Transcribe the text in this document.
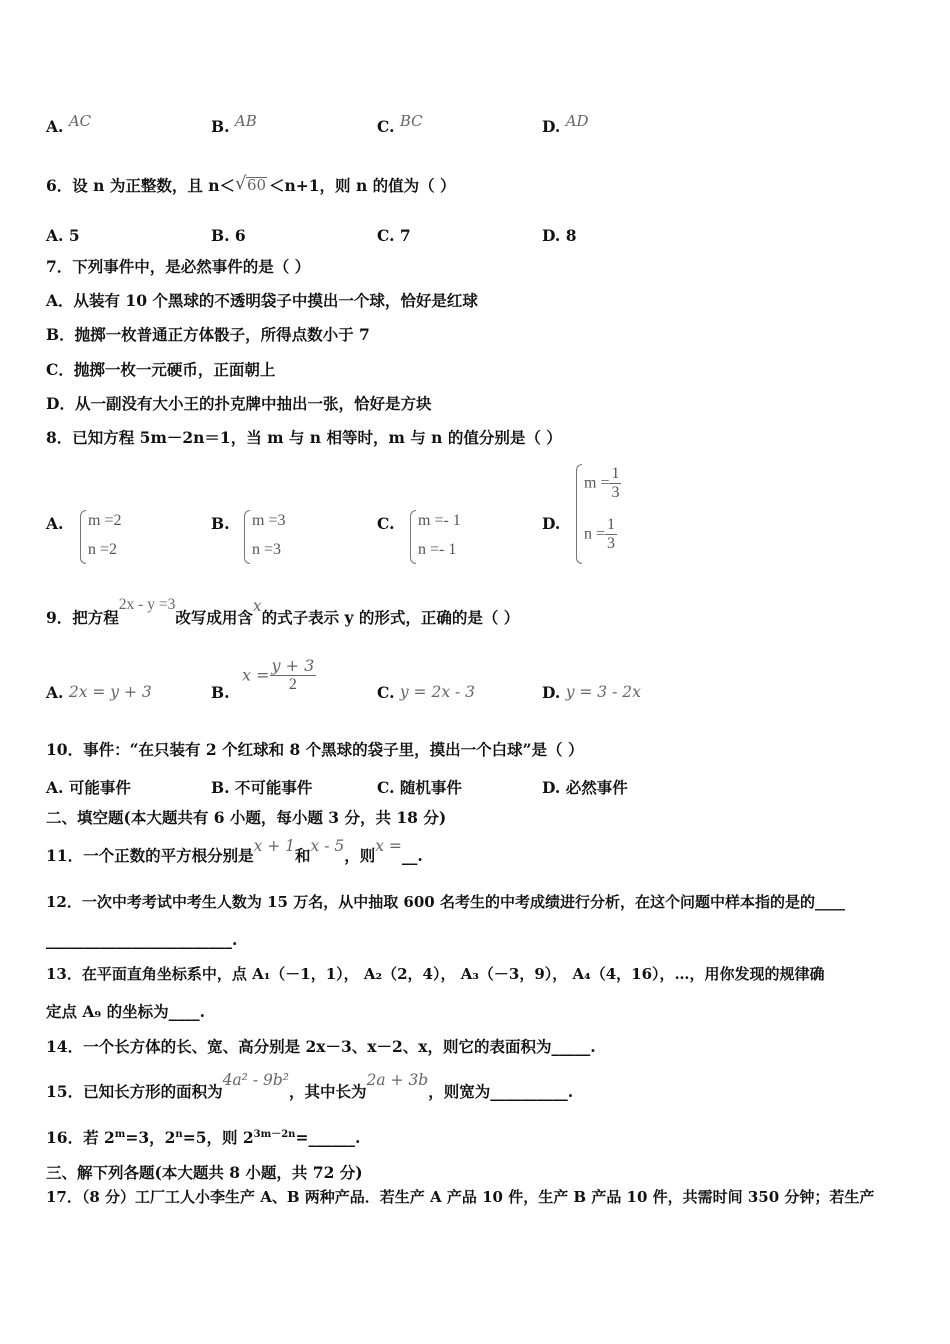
A. AC	B. AB	C. BC	D. AD
6．设 n 为正整数，且 n＜ √ 60 ＜n+1，则 n 的值为（ ）
A. 5	B. 6	C. 7	D. 8
7．下列事件中，是必然事件的是（ ）
A．从装有 10 个黑球的不透明袋子中摸出一个球，恰好是红球
B．抛掷一枚普通正方体骰子，所得点数小于 7
C．抛掷一枚一元硬币，正面朝上
D．从一副没有大小王的扑克牌中抽出一张，恰好是方块
8．已知方程 5m－2n＝1，当 m 与 n 相等时，m 与 n 的值分别是（ ）
A. m =2
n =2
B. m =3
n =3
C. m =- 1
n =- 1
D.
$m = \frac{1}{3}$
$n = \frac{1}{3}$
9．把方程2x - y =3改写成用含x的式子表示 y 的形式，正确的是（ ）
A. 2x = y + 3	B.
$x = \frac{y + 3}{2}$	C. y = 2x - 3	D. y = 3 - 2x
10．事件：“在只装有 2 个红球和 8 个黑球的袋子里，摸出一个白球”是（ ）
A. 可能事件	B. 不可能事件	C. 随机事件	D. 必然事件
二、填空题(本大题共有 6 小题，每小题 3 分，共 18 分)
11．一个正数的平方根分别是x + 1和x - 5，则x =__.
12．一次中考考试中考生人数为 15 万名，从中抽取 600 名考生的中考成绩进行分析，在这个问题中样本指的是的____
________________________.
13．在平面直角坐标系中，点 A₁（－1，1）， A₂（2，4）， A₃（－3，9）， A₄（4，16），…，用你发现的规律确
定点 A₉ 的坐标为____.
14．一个长方体的长、宽、高分别是 2x－3、x－2、x，则它的表面积为_____.
15．已知长方形的面积为4a² - 9b²，其中长为2a + 3b，则宽为__________.
16．若 $2^m=3$，$2^n=5$，则 $2^{3m-2n}=\_\_\_\_\_\_$.
三、解下列各题(本大题共 8 小题，共 72 分)
17．（8 分）工厂工人小李生产 A、B 两种产品．若生产 A 产品 10 件，生产 B 产品 10 件，共需时间 350 分钟；若生产
